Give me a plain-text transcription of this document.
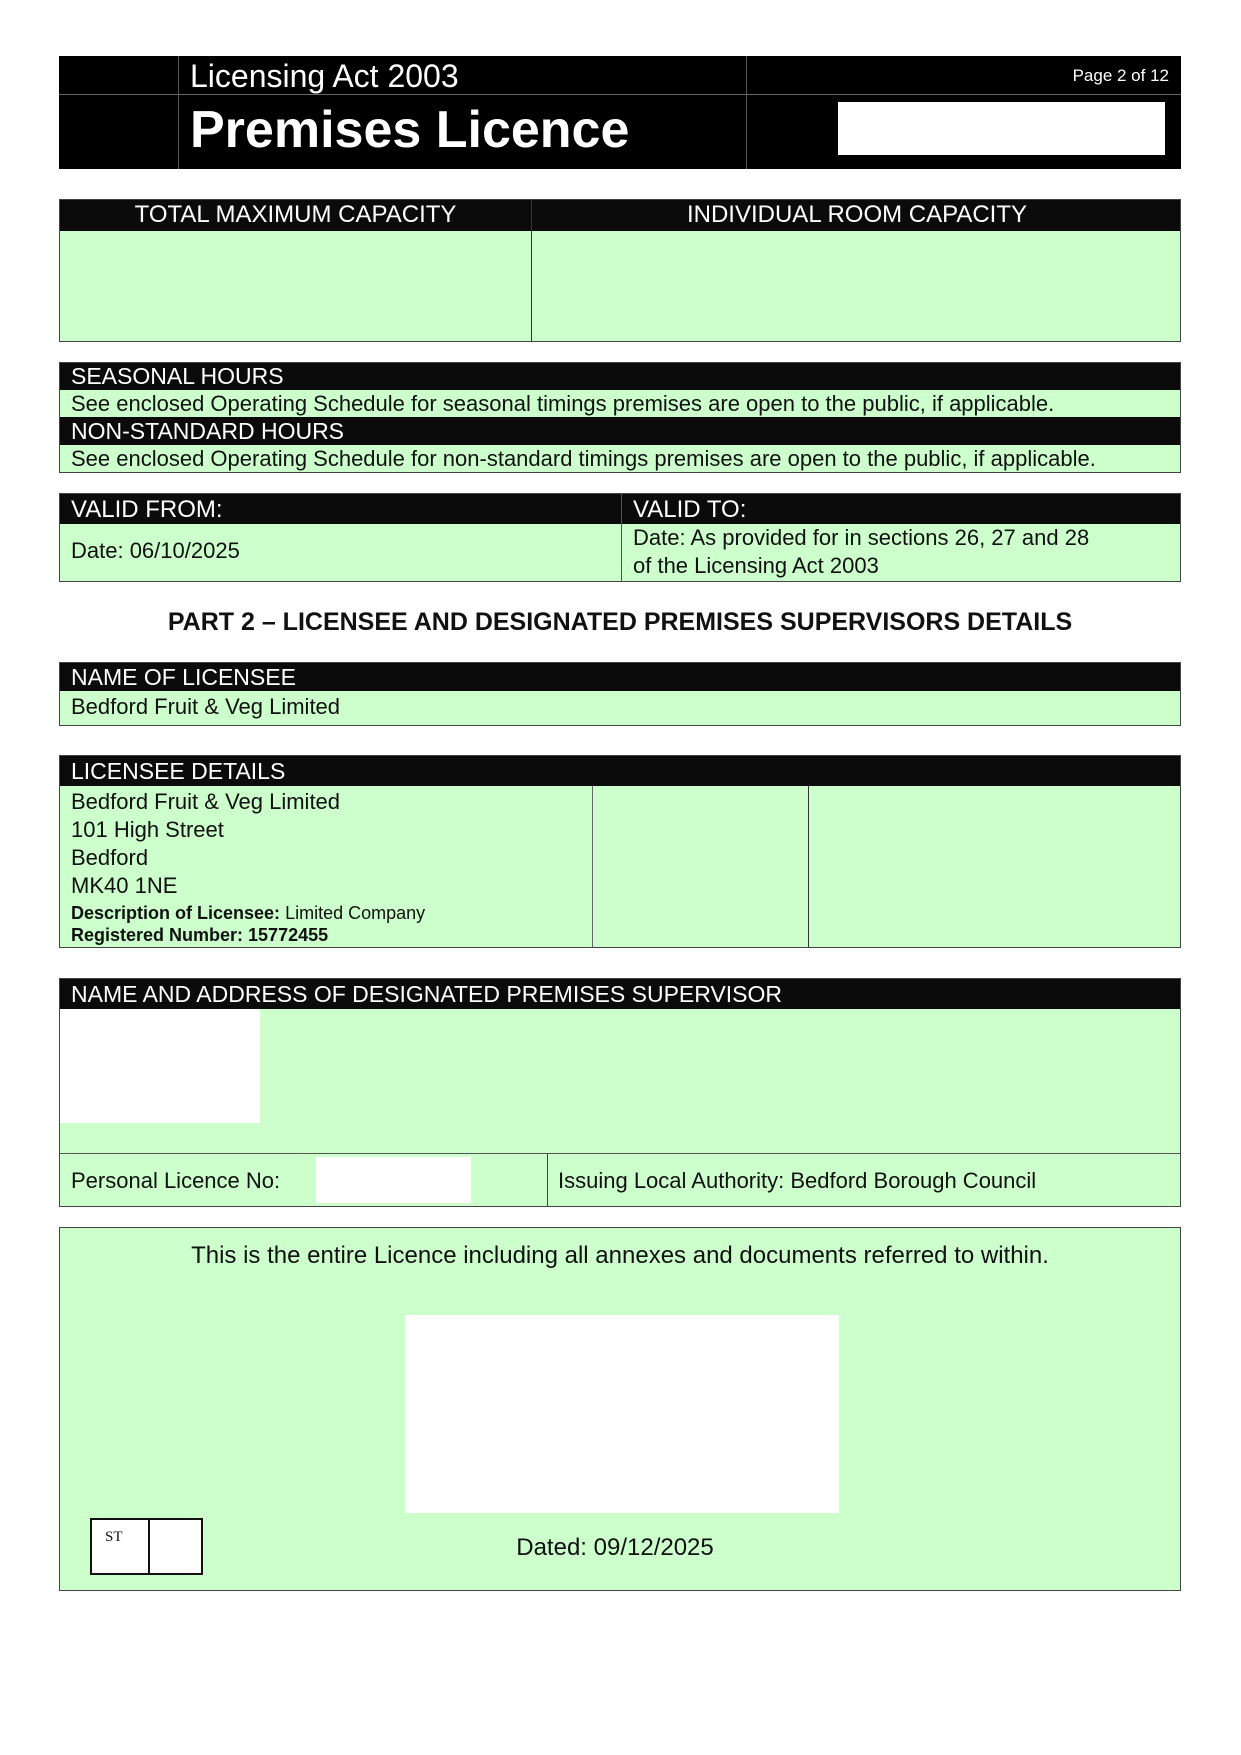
Licensing Act 2003
Premises Licence
Page 2 of 12
TOTAL MAXIMUM CAPACITY	INDIVIDUAL ROOM CAPACITY
SEASONAL HOURS
See enclosed Operating Schedule for seasonal timings premises are open to the public, if applicable.
NON-STANDARD HOURS
See enclosed Operating Schedule for non-standard timings premises are open to the public, if applicable.
VALID FROM:	VALID TO:
Date: 06/10/2025
Date: As provided for in sections 26, 27 and 28
of the Licensing Act 2003
PART 2 – LICENSEE AND DESIGNATED PREMISES SUPERVISORS DETAILS
NAME OF LICENSEE
Bedford Fruit & Veg Limited
LICENSEE DETAILS
Bedford Fruit & Veg Limited
101 High Street
Bedford
MK40 1NE
Description of Licensee: Limited Company
Registered Number: 15772455
NAME AND ADDRESS OF DESIGNATED PREMISES SUPERVISOR
Personal Licence No:	Issuing Local Authority: Bedford Borough Council
This is the entire Licence including all annexes and documents referred to within.
Dated: 09/12/2025
ST
